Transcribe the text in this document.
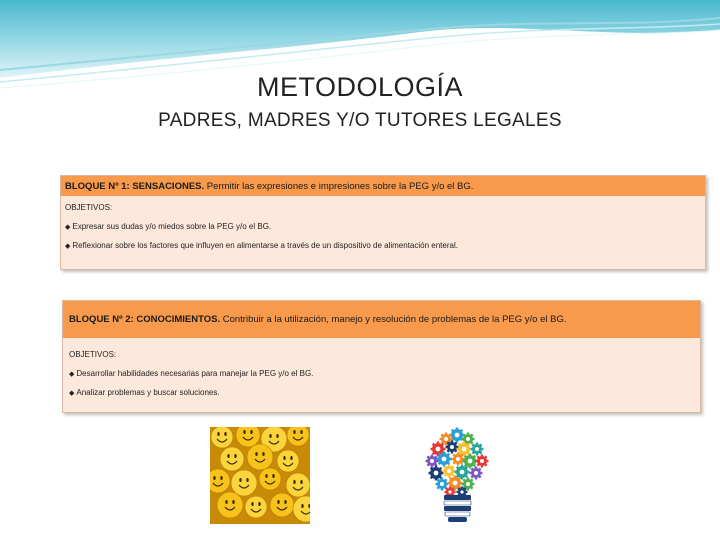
METODOLOGÍA
PADRES, MADRES Y/O TUTORES LEGALES
BLOQUE Nº 1: SENSACIONES. Permitir las expresiones e impresiones sobre la PEG y/o el BG.
OBJETIVOS:
◆ Expresar sus dudas y/o miedos sobre la PEG y/o el BG.
◆ Reflexionar sobre los factores que influyen en alimentarse a través de un dispositivo de alimentación enteral.
BLOQUE Nº 2: CONOCIMIENTOS. Contribuir a la utilización, manejo y resolución de problemas de la PEG y/o el BG.
OBJETIVOS:
◆ Desarrollar habilidades necesarias para manejar la PEG y/o el BG.
◆ Analizar problemas y buscar soluciones.
